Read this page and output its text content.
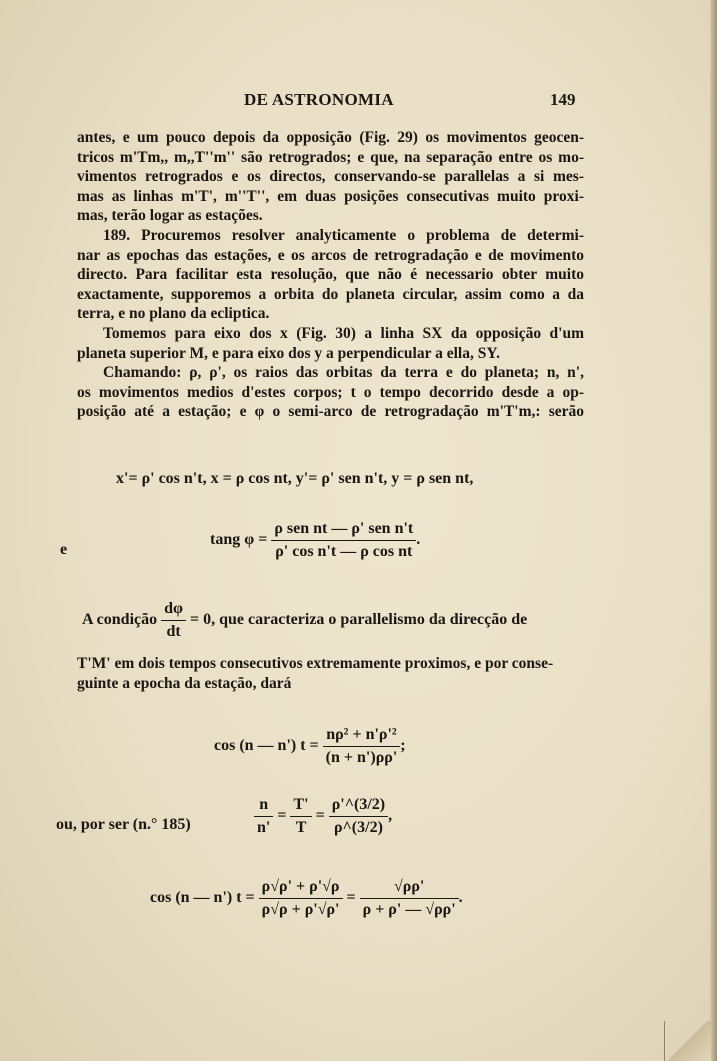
DE ASTRONOMIA	149
antes, e um pouco depois da opposição (Fig. 29) os movimentos geocen-
tricos m'Tm,, m,,T''m'' são retrogrados; e que, na separação entre os mo-
vimentos retrogrados e os directos, conservando-se parallelas a si mes-
mas as linhas m'T', m''T'', em duas posições consecutivas muito proxi-
mas, terão logar as estações.
189. Procuremos resolver analyticamente o problema de determi-
nar as epochas das estações, e os arcos de retrogradação e de movimento
directo. Para facilitar esta resolução, que não é necessario obter muito
exactamente, supporemos a orbita do planeta circular, assim como a da
terra, e no plano da ecliptica.
Tomemos para eixo dos x (Fig. 30) a linha SX da opposição d'um
planeta superior M, e para eixo dos y a perpendicular a ella, SY.
Chamando: ρ, ρ', os raios das orbitas da terra e do planeta; n, n',
os movimentos medios d'estes corpos; t o tempo decorrido desde a op-
posição até a estação; e φ o semi-arco de retrogradação m'T'm,: serão
x'= ρ' cos n't, x = ρ cos nt, y'= ρ' sen n't, y = ρ sen nt,
e
tang $\varphi = \frac{\text{ρ sen nt — ρ' sen n't}}{\text{ρ' cos n't — ρ cos nt}}$ .
A condição $\frac{d\varphi}{dt} = 0$, que caracteriza o parallelismo da direcção de
T'M' em dois tempos consecutivos extremamente proximos, e por conse-
guinte a epocha da estação, dará
cos (n — n') $t = \frac{\text{nρ² + n'ρ'²}}{(n + n')\rho\rho'}$ ;
ou, por ser (n.° 185)	$\frac{n}{n'} = \frac{T'}{T} = \frac{\rho'\^{}(3/2)}{\rho\^{}(3/2)}$ ,
cos (n — n') $t = \frac{\rho√\rho' + \rho'√\rho}{\rho√\rho + \rho'√\rho'} = \frac{√\rho\rho'}{\rho + \rho' — √\rho\rho'}$ .
